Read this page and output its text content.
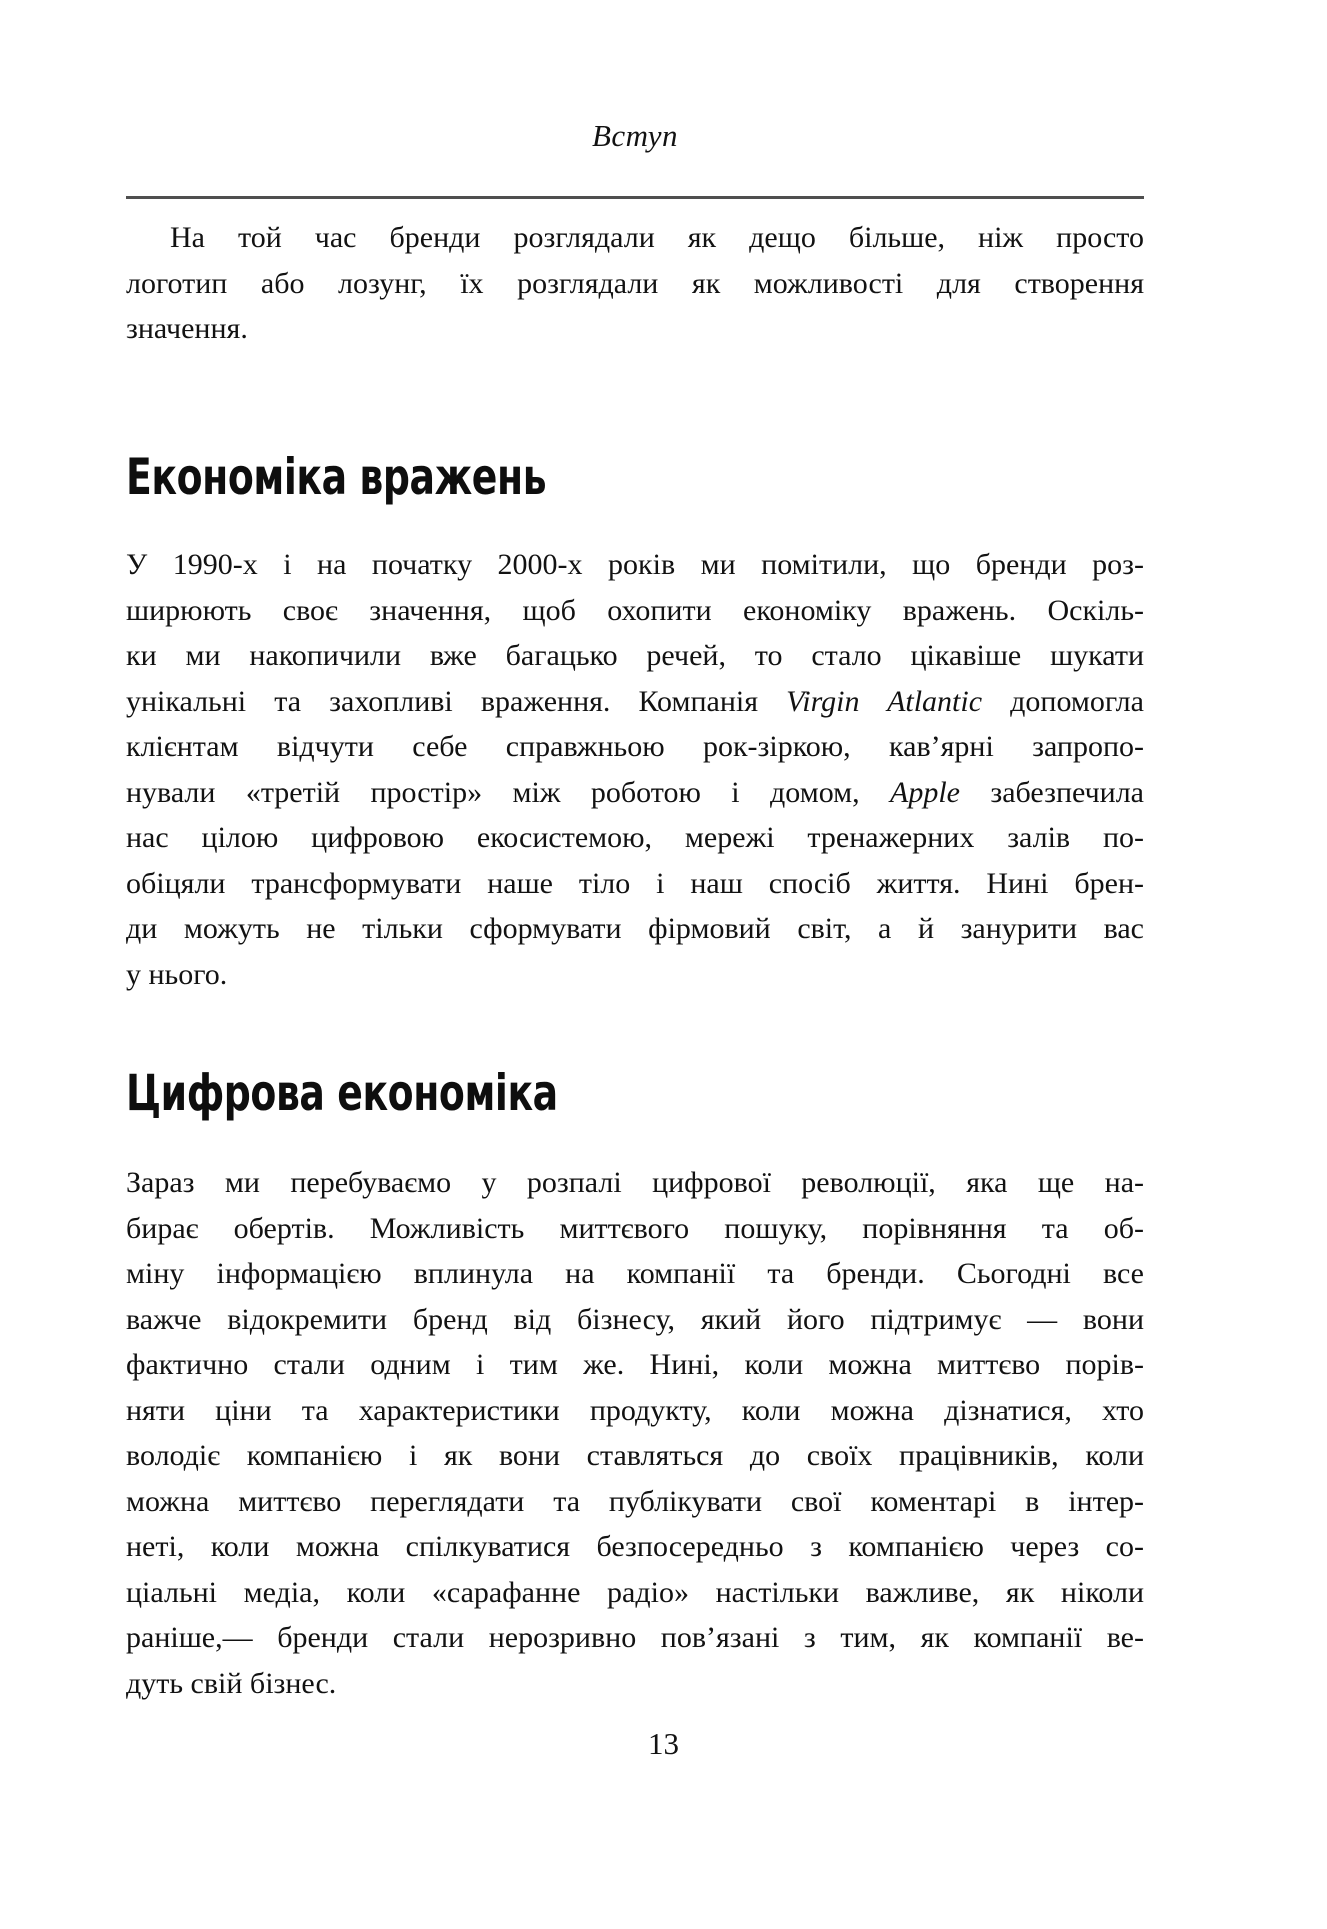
Вступ
На той час бренди розглядали як дещо більше, ніж просто
логотип або лозунг, їх розглядали як можливості для створення
значення.
Економіка вражень
У 1990-х і на початку 2000-х років ми помітили, що бренди роз-
ширюють своє значення, щоб охопити економіку вражень. Оскіль-
ки ми накопичили вже багацько речей, то стало цікавіше шукати
унікальні та захопливі враження. Компанія Virgin Atlantic допомогла
клієнтам відчути себе справжньою рок-зіркою, кав’ярні запропо-
нували «третій простір» між роботою і домом, Apple забезпечила
нас цілою цифровою екосистемою, мережі тренажерних залів по-
обіцяли трансформувати наше тіло і наш спосіб життя. Нині брен-
ди можуть не тільки сформувати фірмовий світ, а й занурити вас
у нього.
Цифрова економіка
Зараз ми перебуваємо у розпалі цифрової революції, яка ще на-
бирає обертів. Можливість миттєвого пошуку, порівняння та об-
міну інформацією вплинула на компанії та бренди. Сьогодні все
важче відокремити бренд від бізнесу, який його підтримує — вони
фактично стали одним і тим же. Нині, коли можна миттєво порів-
няти ціни та характеристики продукту, коли можна дізнатися, хто
володіє компанією і як вони ставляться до своїх працівників, коли
можна миттєво переглядати та публікувати свої коментарі в інтер-
неті, коли можна спілкуватися безпосередньо з компанією через со-
ціальні медіа, коли «сарафанне радіо» настільки важливе, як ніколи
раніше,— бренди стали нерозривно пов’язані з тим, як компанії ве-
дуть свій бізнес.
13
